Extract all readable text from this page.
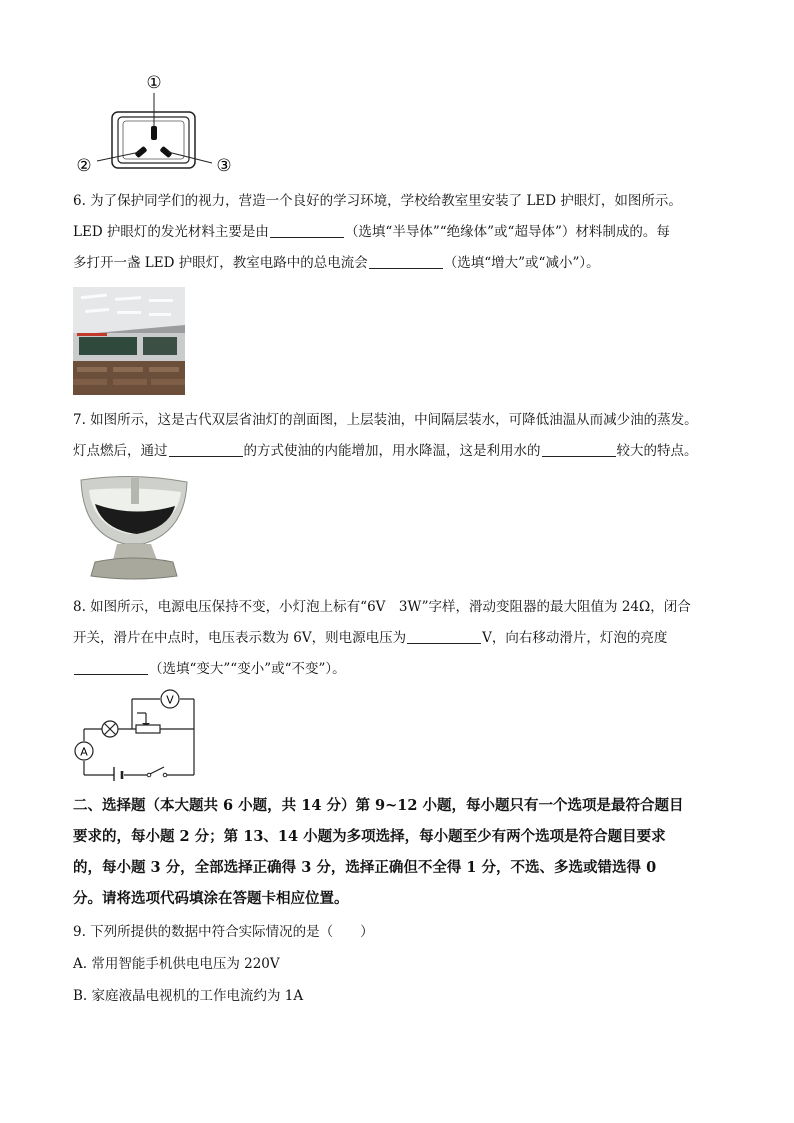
①
②	③
6. 为了保护同学们的视力，营造一个良好的学习环境，学校给教室里安装了 LED 护眼灯，如图所示。
LED 护眼灯的发光材料主要是由	（选填“半导体”“绝缘体”或“超导体”）材料制成的。每
多打开一盏 LED 护眼灯，教室电路中的总电流会	（选填“增大”或“减小”）。
7. 如图所示，这是古代双层省油灯的剖面图，上层装油，中间隔层装水，可降低油温从而减少油的蒸发。
灯点燃后，通过	的方式使油的内能增加，用水降温，这是利用水的	较大的特点。
8. 如图所示，电源电压保持不变，小灯泡上标有“6V　3W”字样，滑动变阻器的最大阻值为 24Ω，闭合
开关，滑片在中点时，电压表示数为 6V，则电源电压为	V，向右移动滑片，灯泡的亮度
（选填“变大”“变小”或“不变”）。
V
A
二、选择题（本大题共 6 小题，共 14 分）第 9~12 小题，每小题只有一个选项是最符合题目
要求的，每小题 2 分；第 13、14 小题为多项选择，每小题至少有两个选项是符合题目要求
的，每小题 3 分，全部选择正确得 3 分，选择正确但不全得 1 分，不选、多选或错选得 0
分。请将选项代码填涂在答题卡相应位置。
9. 下列所提供的数据中符合实际情况的是（　　）
A. 常用智能手机供电电压为 220V
B. 家庭液晶电视机的工作电流约为 1A
